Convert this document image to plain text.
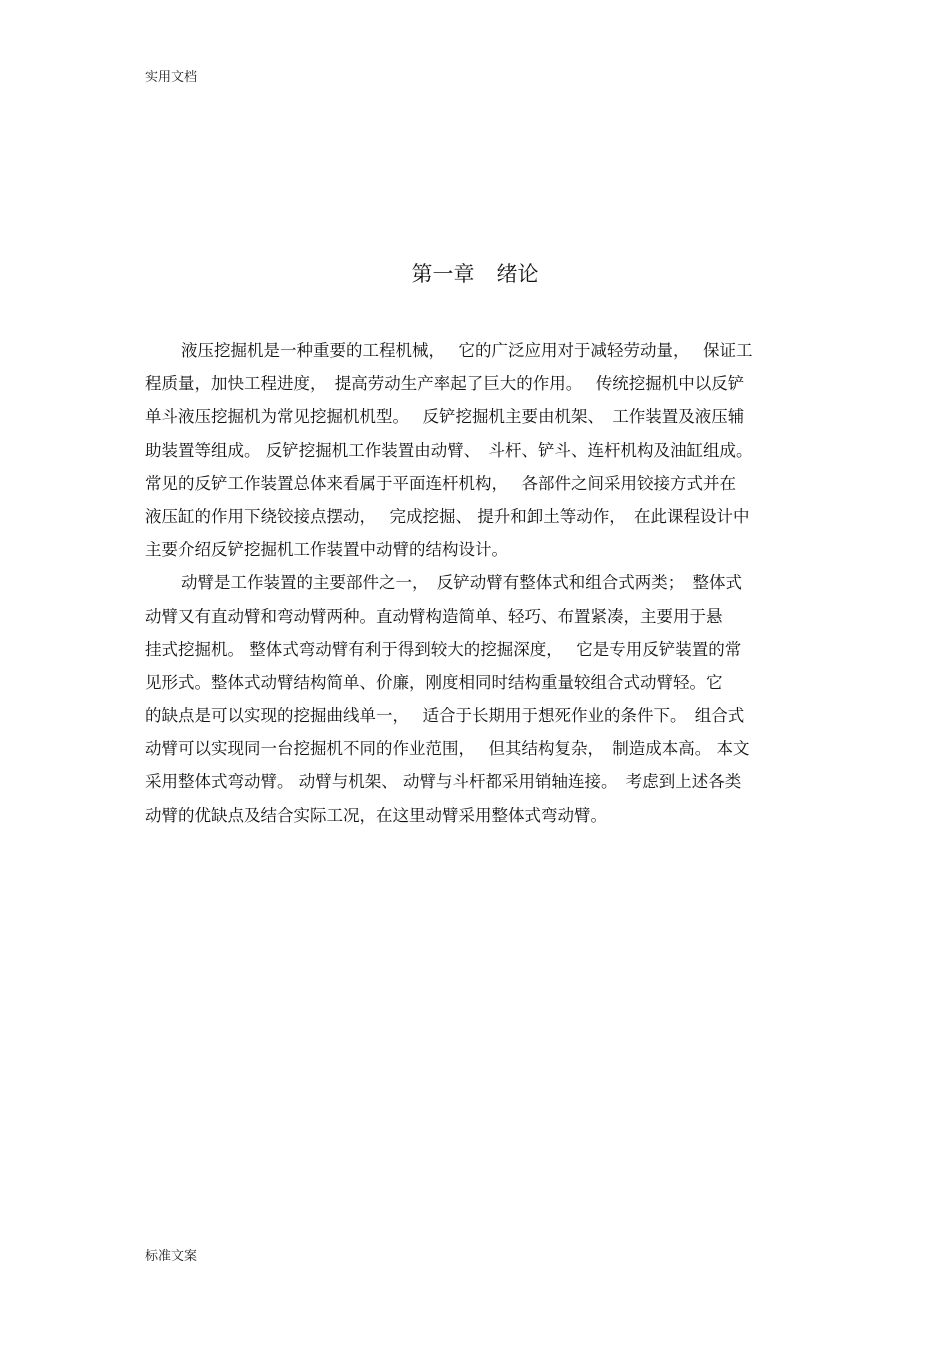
实用文档
第一章 绪论
液压挖掘机是一种重要的工程机械，　 它的广泛应用对于减轻劳动量，　 保证工
程质量，加快工程进度，　提高劳动生产率起了巨大的作用。　 传统挖掘机中以反铲
单斗液压挖掘机为常见挖掘机机型。　 反铲挖掘机主要由机架、　工作装置及液压辅
助装置等组成。 反铲挖掘机工作装置由动臂、　斗杆、铲斗、连杆机构及油缸组成。
常见的反铲工作装置总体来看属于平面连杆机构，　 各部件之间采用铰接方式并在
液压缸的作用下绕铰接点摆动，　 完成挖掘、 提升和卸土等动作，　在此课程设计中
主要介绍反铲挖掘机工作装置中动臂的结构设计。
动臂是工作装置的主要部件之一，　反铲动臂有整体式和组合式两类；　整体式
动臂又有直动臂和弯动臂两种。直动臂构造简单、轻巧、布置紧凑，主要用于悬
挂式挖掘机。 整体式弯动臂有利于得到较大的挖掘深度，　 它是专用反铲装置的常
见形式。整体式动臂结构简单、价廉，刚度相同时结构重量较组合式动臂轻。它
的缺点是可以实现的挖掘曲线单一，　 适合于长期用于想死作业的条件下。　组合式
动臂可以实现同一台挖掘机不同的作业范围，　 但其结构复杂，　制造成本高。 本文
采用整体式弯动臂。 动臂与机架、 动臂与斗杆都采用销轴连接。　考虑到上述各类
动臂的优缺点及结合实际工况，在这里动臂采用整体式弯动臂。
标准文案
